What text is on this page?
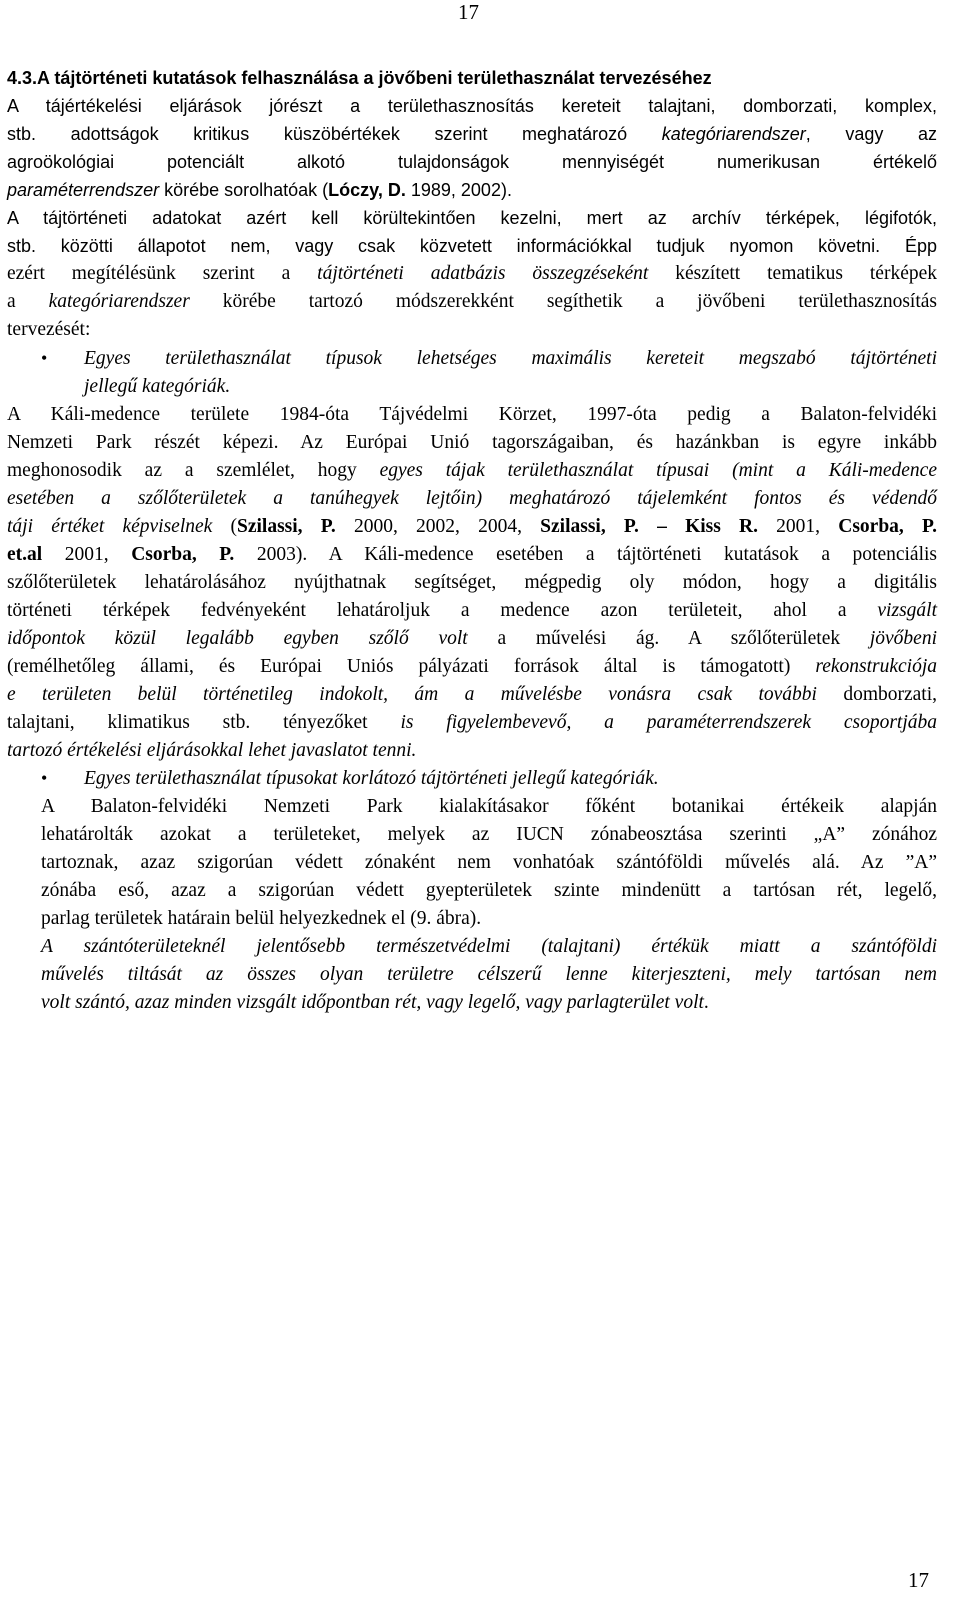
17
4.3.A tájtörténeti kutatások felhasználása a jövőbeni területhasználat tervezéséhez
A tájértékelési eljárások jórészt a területhasznosítás kereteit talajtani, domborzati, komplex,
stb. adottságok kritikus küszöbértékek szerint meghatározó kategóriarendszer, vagy az
agroökológiai potenciált alkotó tulajdonságok mennyiségét numerikusan értékelő
paraméterrendszer körébe sorolhatóak (Lóczy, D. 1989, 2002).
A tájtörténeti adatokat azért kell körültekintően kezelni, mert az archív térképek, légifotók,
stb. közötti állapotot nem, vagy csak közvetett információkkal tudjuk nyomon követni. Épp
ezért megítélésünk szerint a tájtörténeti adatbázis összegzéseként készített tematikus térképek
a kategóriarendszer körébe tartozó módszerekként segíthetik a jövőbeni területhasznosítás
tervezését:
• Egyes területhasználat típusok lehetséges maximális kereteit megszabó tájtörténeti
jellegű kategóriák.
A Káli-medence területe 1984-óta Tájvédelmi Körzet, 1997-óta pedig a Balaton-felvidéki
Nemzeti Park részét képezi. Az Európai Unió tagországaiban, és hazánkban is egyre inkább
meghonosodik az a szemlélet, hogy egyes tájak területhasználat típusai (mint a Káli-medence
esetében a szőlőterületek a tanúhegyek lejtőin) meghatározó tájelemként fontos és védendő
táji értéket képviselnek (Szilassi, P. 2000, 2002, 2004, Szilassi, P. – Kiss R. 2001, Csorba, P.
et.al 2001, Csorba, P. 2003). A Káli-medence esetében a tájtörténeti kutatások a potenciális
szőlőterületek lehatárolásához nyújthatnak segítséget, mégpedig oly módon, hogy a digitális
történeti térképek fedvényeként lehatároljuk a medence azon területeit, ahol a vizsgált
időpontok közül legalább egyben szőlő volt a művelési ág. A szőlőterületek jövőbeni
(remélhetőleg állami, és Európai Uniós pályázati források által is támogatott) rekonstrukciója
e területen belül történetileg indokolt, ám a művelésbe vonásra csak további domborzati,
talajtani, klimatikus stb. tényezőket is figyelembevevő, a paraméterrendszerek csoportjába
tartozó értékelési eljárásokkal lehet javaslatot tenni.
• Egyes területhasználat típusokat korlátozó tájtörténeti jellegű kategóriák.
A Balaton-felvidéki Nemzeti Park kialakításakor főként botanikai értékeik alapján
lehatárolták azokat a területeket, melyek az IUCN zónabeosztása szerinti „A” zónához
tartoznak, azaz szigorúan védett zónaként nem vonhatóak szántóföldi művelés alá. Az ”A”
zónába eső, azaz a szigorúan védett gyepterületek szinte mindenütt a tartósan rét, legelő,
parlag területek határain belül helyezkednek el (9. ábra).
A szántóterületeknél jelentősebb természetvédelmi (talajtani) értékük miatt a szántóföldi
művelés tiltását az összes olyan területre célszerű lenne kiterjeszteni, mely tartósan nem
volt szántó, azaz minden vizsgált időpontban rét, vagy legelő, vagy parlagterület volt.
17
